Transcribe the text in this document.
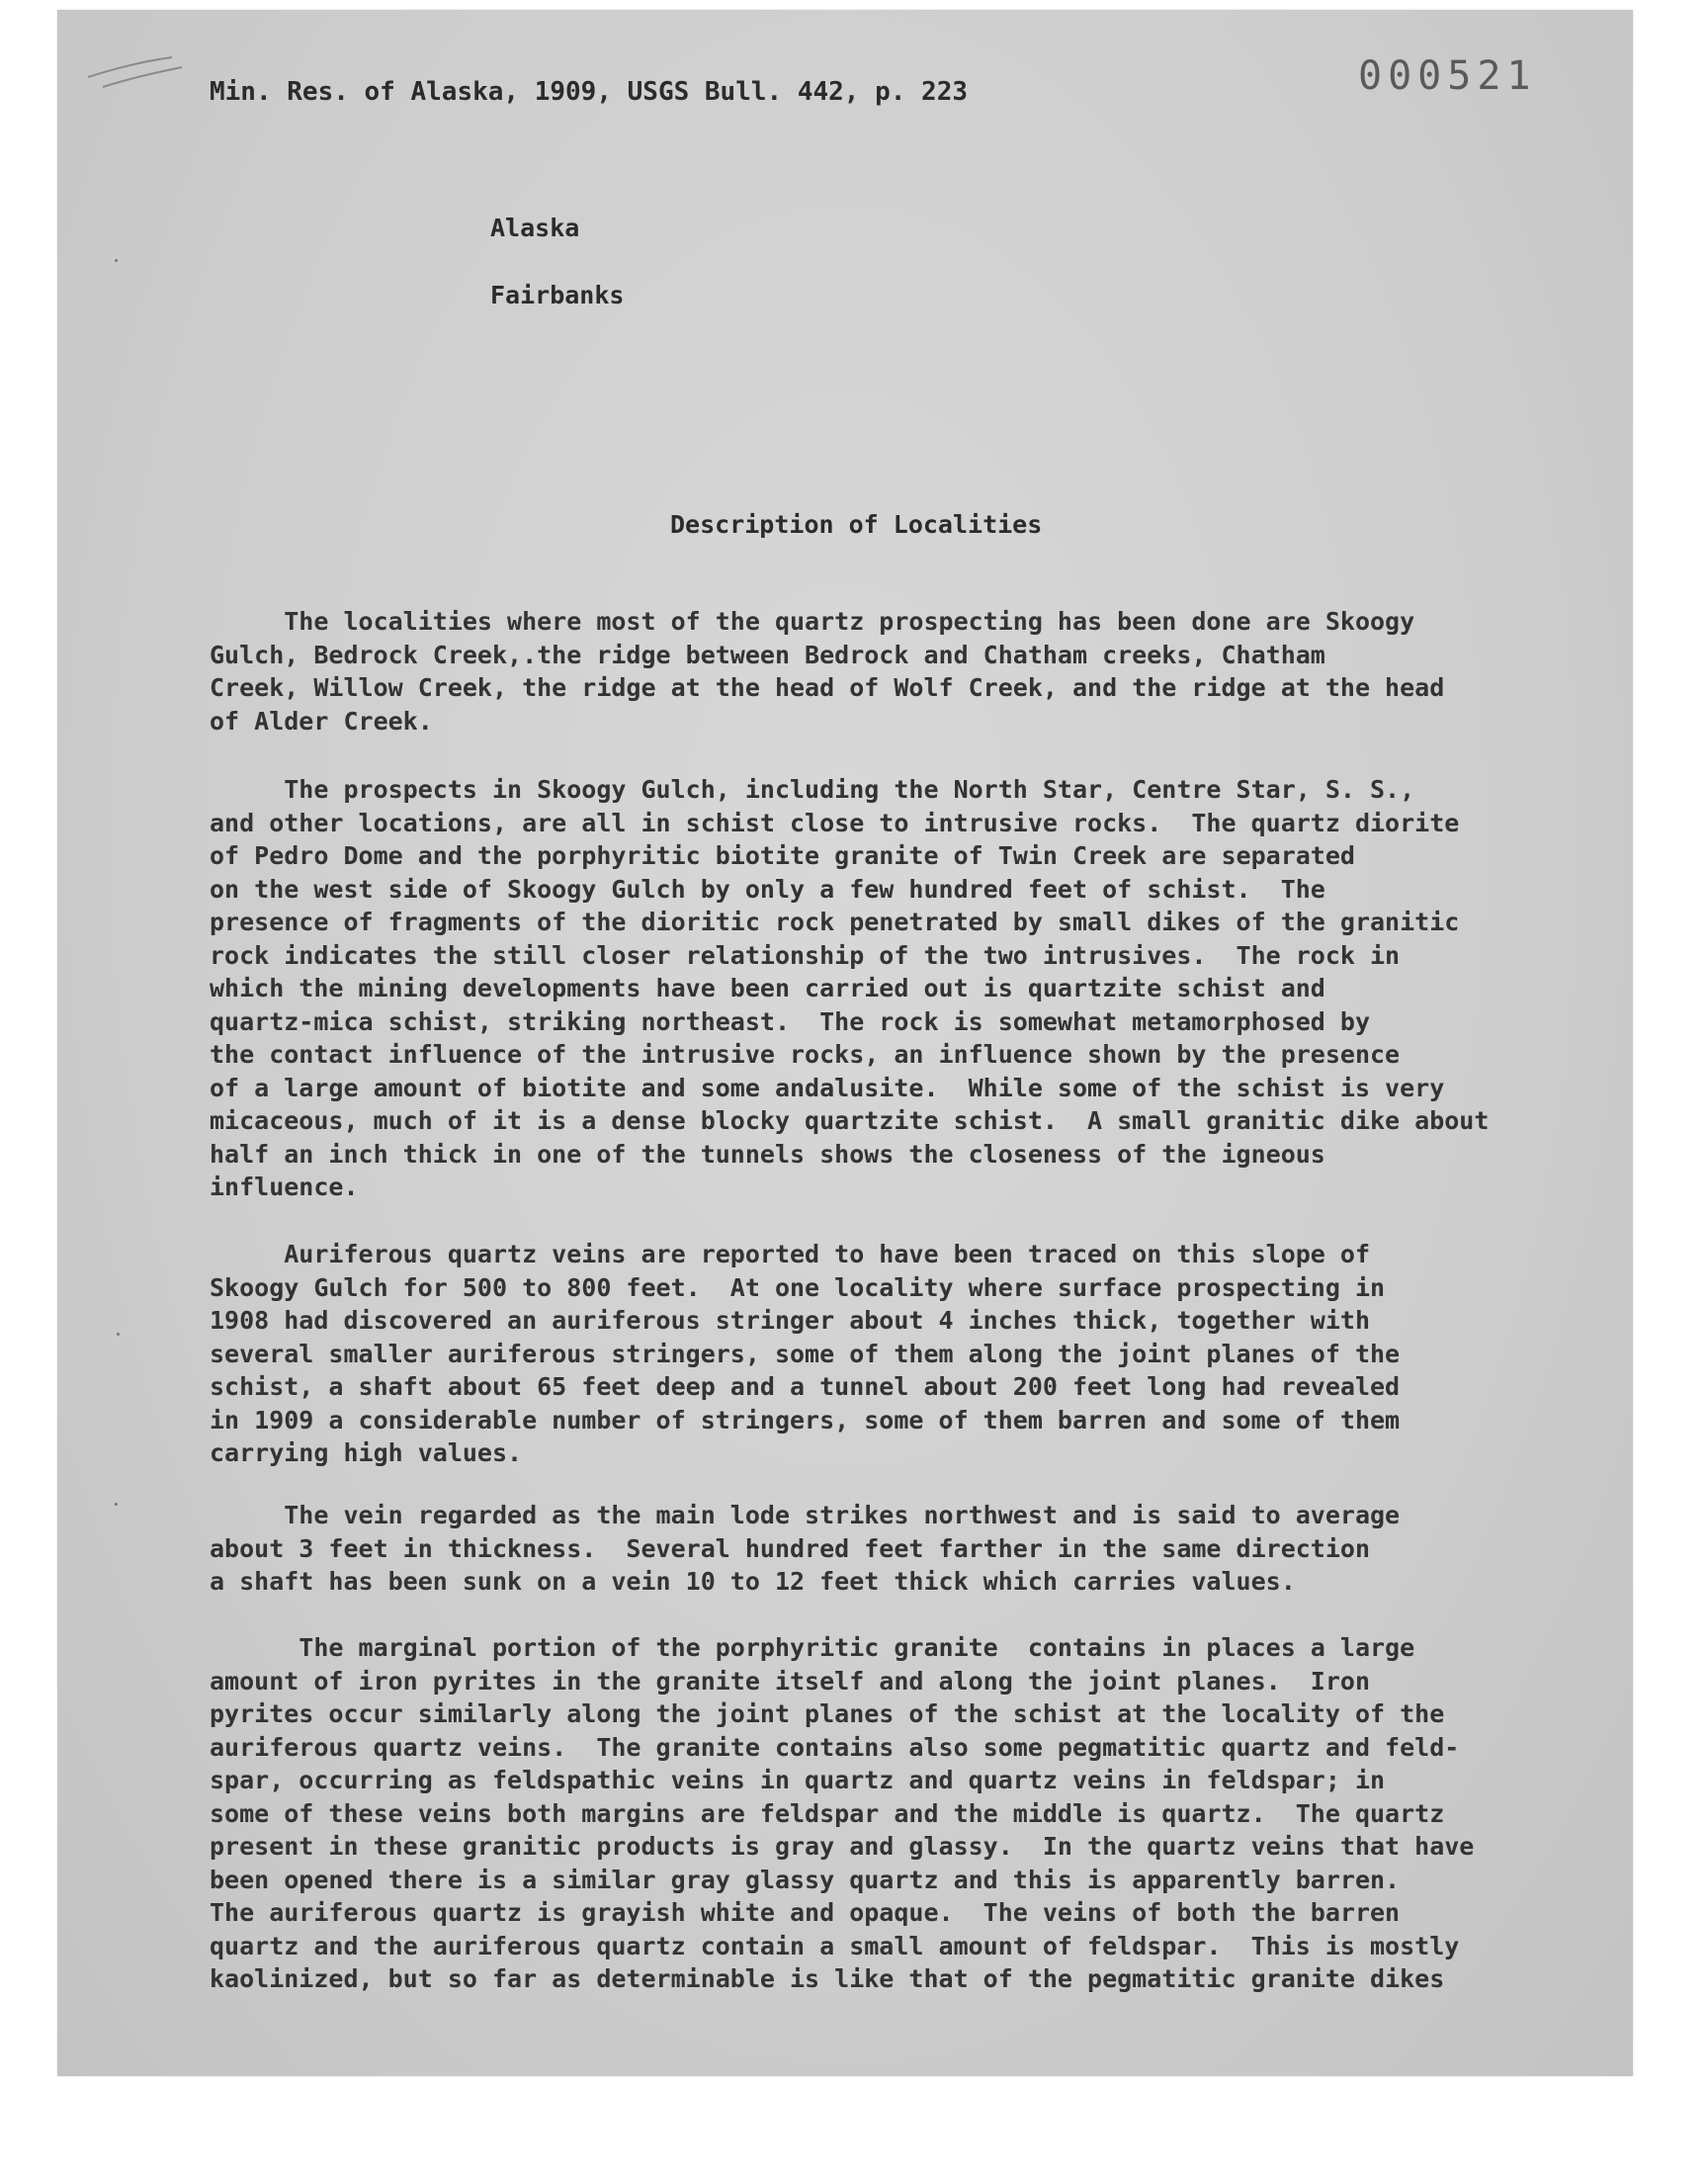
Min. Res. of Alaska, 1909, USGS Bull. 442, p. 223	000521
Alaska
Fairbanks
Description of Localities
The localities where most of the quartz prospecting has been done are Skoogy
Gulch, Bedrock Creek,.the ridge between Bedrock and Chatham creeks, Chatham
Creek, Willow Creek, the ridge at the head of Wolf Creek, and the ridge at the head
of Alder Creek.
The prospects in Skoogy Gulch, including the North Star, Centre Star, S. S.,
and other locations, are all in schist close to intrusive rocks.  The quartz diorite
of Pedro Dome and the porphyritic biotite granite of Twin Creek are separated
on the west side of Skoogy Gulch by only a few hundred feet of schist.  The
presence of fragments of the dioritic rock penetrated by small dikes of the granitic
rock indicates the still closer relationship of the two intrusives.  The rock in
which the mining developments have been carried out is quartzite schist and
quartz-mica schist, striking northeast.  The rock is somewhat metamorphosed by
the contact influence of the intrusive rocks, an influence shown by the presence
of a large amount of biotite and some andalusite.  While some of the schist is very
micaceous, much of it is a dense blocky quartzite schist.  A small granitic dike about
half an inch thick in one of the tunnels shows the closeness of the igneous
influence.
Auriferous quartz veins are reported to have been traced on this slope of
Skoogy Gulch for 500 to 800 feet.  At one locality where surface prospecting in
1908 had discovered an auriferous stringer about 4 inches thick, together with
several smaller auriferous stringers, some of them along the joint planes of the
schist, a shaft about 65 feet deep and a tunnel about 200 feet long had revealed
in 1909 a considerable number of stringers, some of them barren and some of them
carrying high values.
The vein regarded as the main lode strikes northwest and is said to average
about 3 feet in thickness.  Several hundred feet farther in the same direction
a shaft has been sunk on a vein 10 to 12 feet thick which carries values.
The marginal portion of the porphyritic granite  contains in places a large
amount of iron pyrites in the granite itself and along the joint planes.  Iron
pyrites occur similarly along the joint planes of the schist at the locality of the
auriferous quartz veins.  The granite contains also some pegmatitic quartz and feld-
spar, occurring as feldspathic veins in quartz and quartz veins in feldspar; in
some of these veins both margins are feldspar and the middle is quartz.  The quartz
present in these granitic products is gray and glassy.  In the quartz veins that have
been opened there is a similar gray glassy quartz and this is apparently barren.
The auriferous quartz is grayish white and opaque.  The veins of both the barren
quartz and the auriferous quartz contain a small amount of feldspar.  This is mostly
kaolinized, but so far as determinable is like that of the pegmatitic granite dikes
